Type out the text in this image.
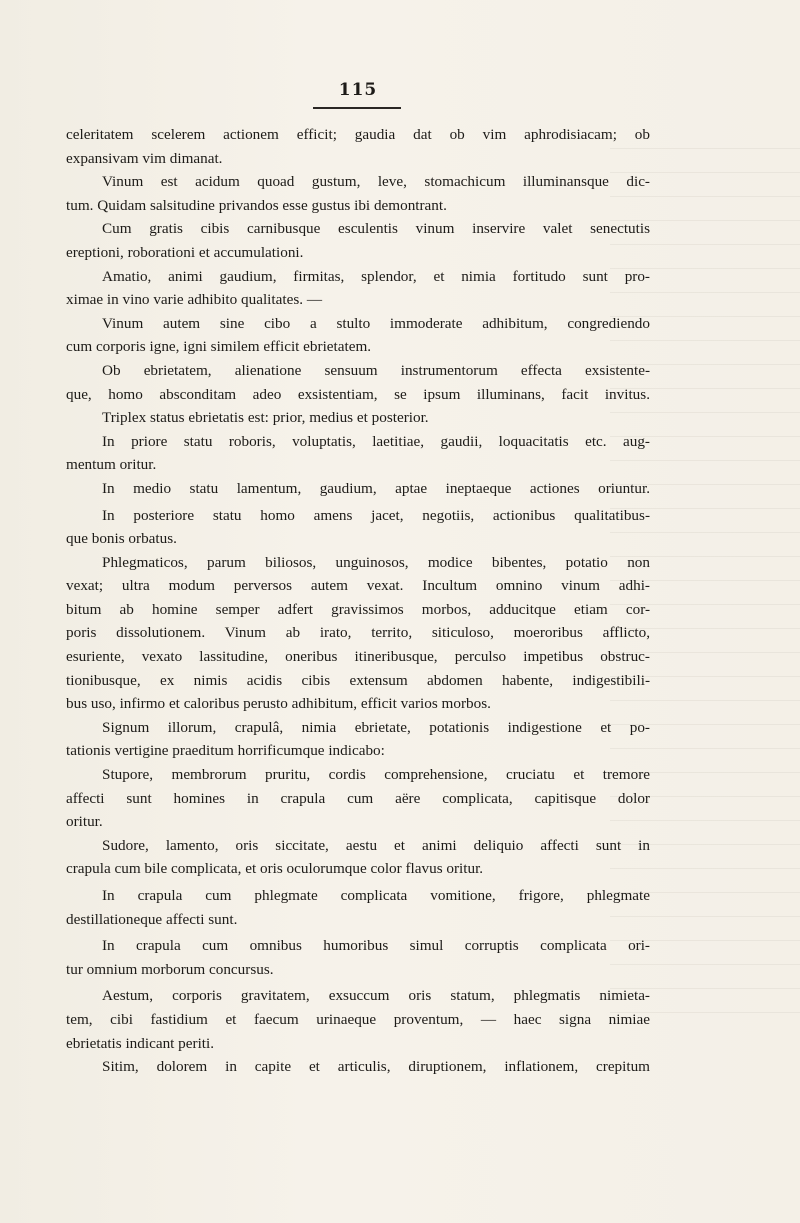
115
celeritatem scelerem actionem efficit; gaudia dat ob vim aphrodisiacam; ob
expansivam vim dimanat.
Vinum est acidum quoad gustum, leve, stomachicum illuminansque dic-
tum. Quidam salsitudine privandos esse gustus ibi demontrant.
Cum gratis cibis carnibusque esculentis vinum inservire valet senectutis
ereptioni, roborationi et accumulationi.
Amatio, animi gaudium, firmitas, splendor, et nimia fortitudo sunt pro-
ximae in vino varie adhibito qualitates. —
Vinum autem sine cibo a stulto immoderate adhibitum, congrediendo
cum corporis igne, igni similem efficit ebrietatem.
Ob ebrietatem, alienatione sensuum instrumentorum effecta exsistente-
que, homo absconditam adeo exsistentiam, se ipsum illuminans, facit invitus.
Triplex status ebrietatis est: prior, medius et posterior.
In priore statu roboris, voluptatis, laetitiae, gaudii, loquacitatis etc. aug-
mentum oritur.
In medio statu lamentum, gaudium, aptae ineptaeque actiones oriuntur.
In posteriore statu homo amens jacet, negotiis, actionibus qualitatibus-
que bonis orbatus.
Phlegmaticos, parum biliosos, unguinosos, modice bibentes, potatio non
vexat; ultra modum perversos autem vexat. Incultum omnino vinum adhi-
bitum ab homine semper adfert gravissimos morbos, adducitque etiam cor-
poris dissolutionem. Vinum ab irato, territo, siticuloso, moeroribus afflicto,
esuriente, vexato lassitudine, oneribus itineribusque, perculso impetibus obstruc-
tionibusque, ex nimis acidis cibis extensum abdomen habente, indigestibili-
bus uso, infirmo et caloribus perusto adhibitum, efficit varios morbos.
Signum illorum, crapulâ, nimia ebrietate, potationis indigestione et po-
tationis vertigine praeditum horrificumque indicabo:
Stupore, membrorum pruritu, cordis comprehensione, cruciatu et tremore
affecti sunt homines in crapula cum aëre complicata, capitisque dolor
oritur.
Sudore, lamento, oris siccitate, aestu et animi deliquio affecti sunt in
crapula cum bile complicata, et oris oculorumque color flavus oritur.
In crapula cum phlegmate complicata vomitione, frigore, phlegmate
destillationeque affecti sunt.
In crapula cum omnibus humoribus simul corruptis complicata ori-
tur omnium morborum concursus.
Aestum, corporis gravitatem, exsuccum oris statum, phlegmatis nimieta-
tem, cibi fastidium et faecum urinaeque proventum, — haec signa nimiae
ebrietatis indicant periti.
Sitim, dolorem in capite et articulis, diruptionem, inflationem, crepitum
